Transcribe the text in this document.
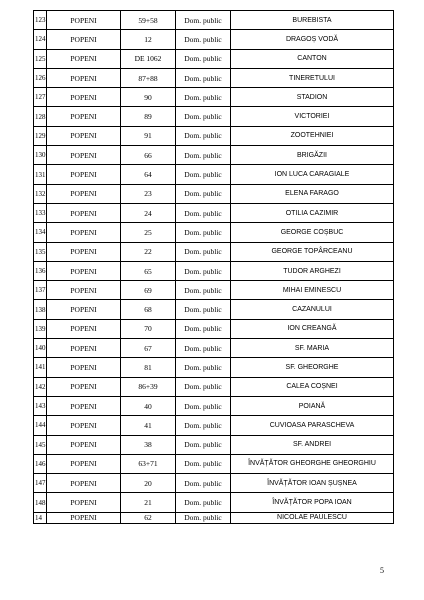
123	POPENI	59+58	Dom. public	BUREBISTA
124	POPENI	12	Dom. public	DRAGOȘ VODĂ
125	POPENI	DE 1062	Dom. public	CANTON
126	POPENI	87+88	Dom. public	TINERETULUI
127	POPENI	90	Dom. public	STADION
128	POPENI	89	Dom. public	VICTORIEI
129	POPENI	91	Dom. public	ZOOTEHNIEI
130	POPENI	66	Dom. public	BRIGĂZII
131	POPENI	64	Dom. public	ION LUCA CARAGIALE
132	POPENI	23	Dom. public	ELENA FARAGO
133	POPENI	24	Dom. public	OTILIA CAZIMIR
134	POPENI	25	Dom. public	GEORGE COȘBUC
135	POPENI	22	Dom. public	GEORGE TOPÂRCEANU
136	POPENI	65	Dom. public	TUDOR ARGHEZI
137	POPENI	69	Dom. public	MIHAI EMINESCU
138	POPENI	68	Dom. public	CAZANULUI
139	POPENI	70	Dom. public	ION CREANGĂ
140	POPENI	67	Dom. public	SF. MARIA
141	POPENI	81	Dom. public	SF. GHEORGHE
142	POPENI	86+39	Dom. public	CALEA COȘNEI
143	POPENI	40	Dom. public	POIANĂ
144	POPENI	41	Dom. public	CUVIOASA PARASCHEVA
145	POPENI	38	Dom. public	SF. ANDREI
146	POPENI	63+71	Dom. public	ÎNVĂȚĂTOR GHEORGHE GHEORGHIU
147	POPENI	20	Dom. public	ÎNVĂȚĂTOR IOAN ȘUȘNEA
148	POPENI	21	Dom. public	ÎNVĂȚĂTOR POPA IOAN
14	POPENI	62	Dom. public	NICOLAE PAULESCU
5
